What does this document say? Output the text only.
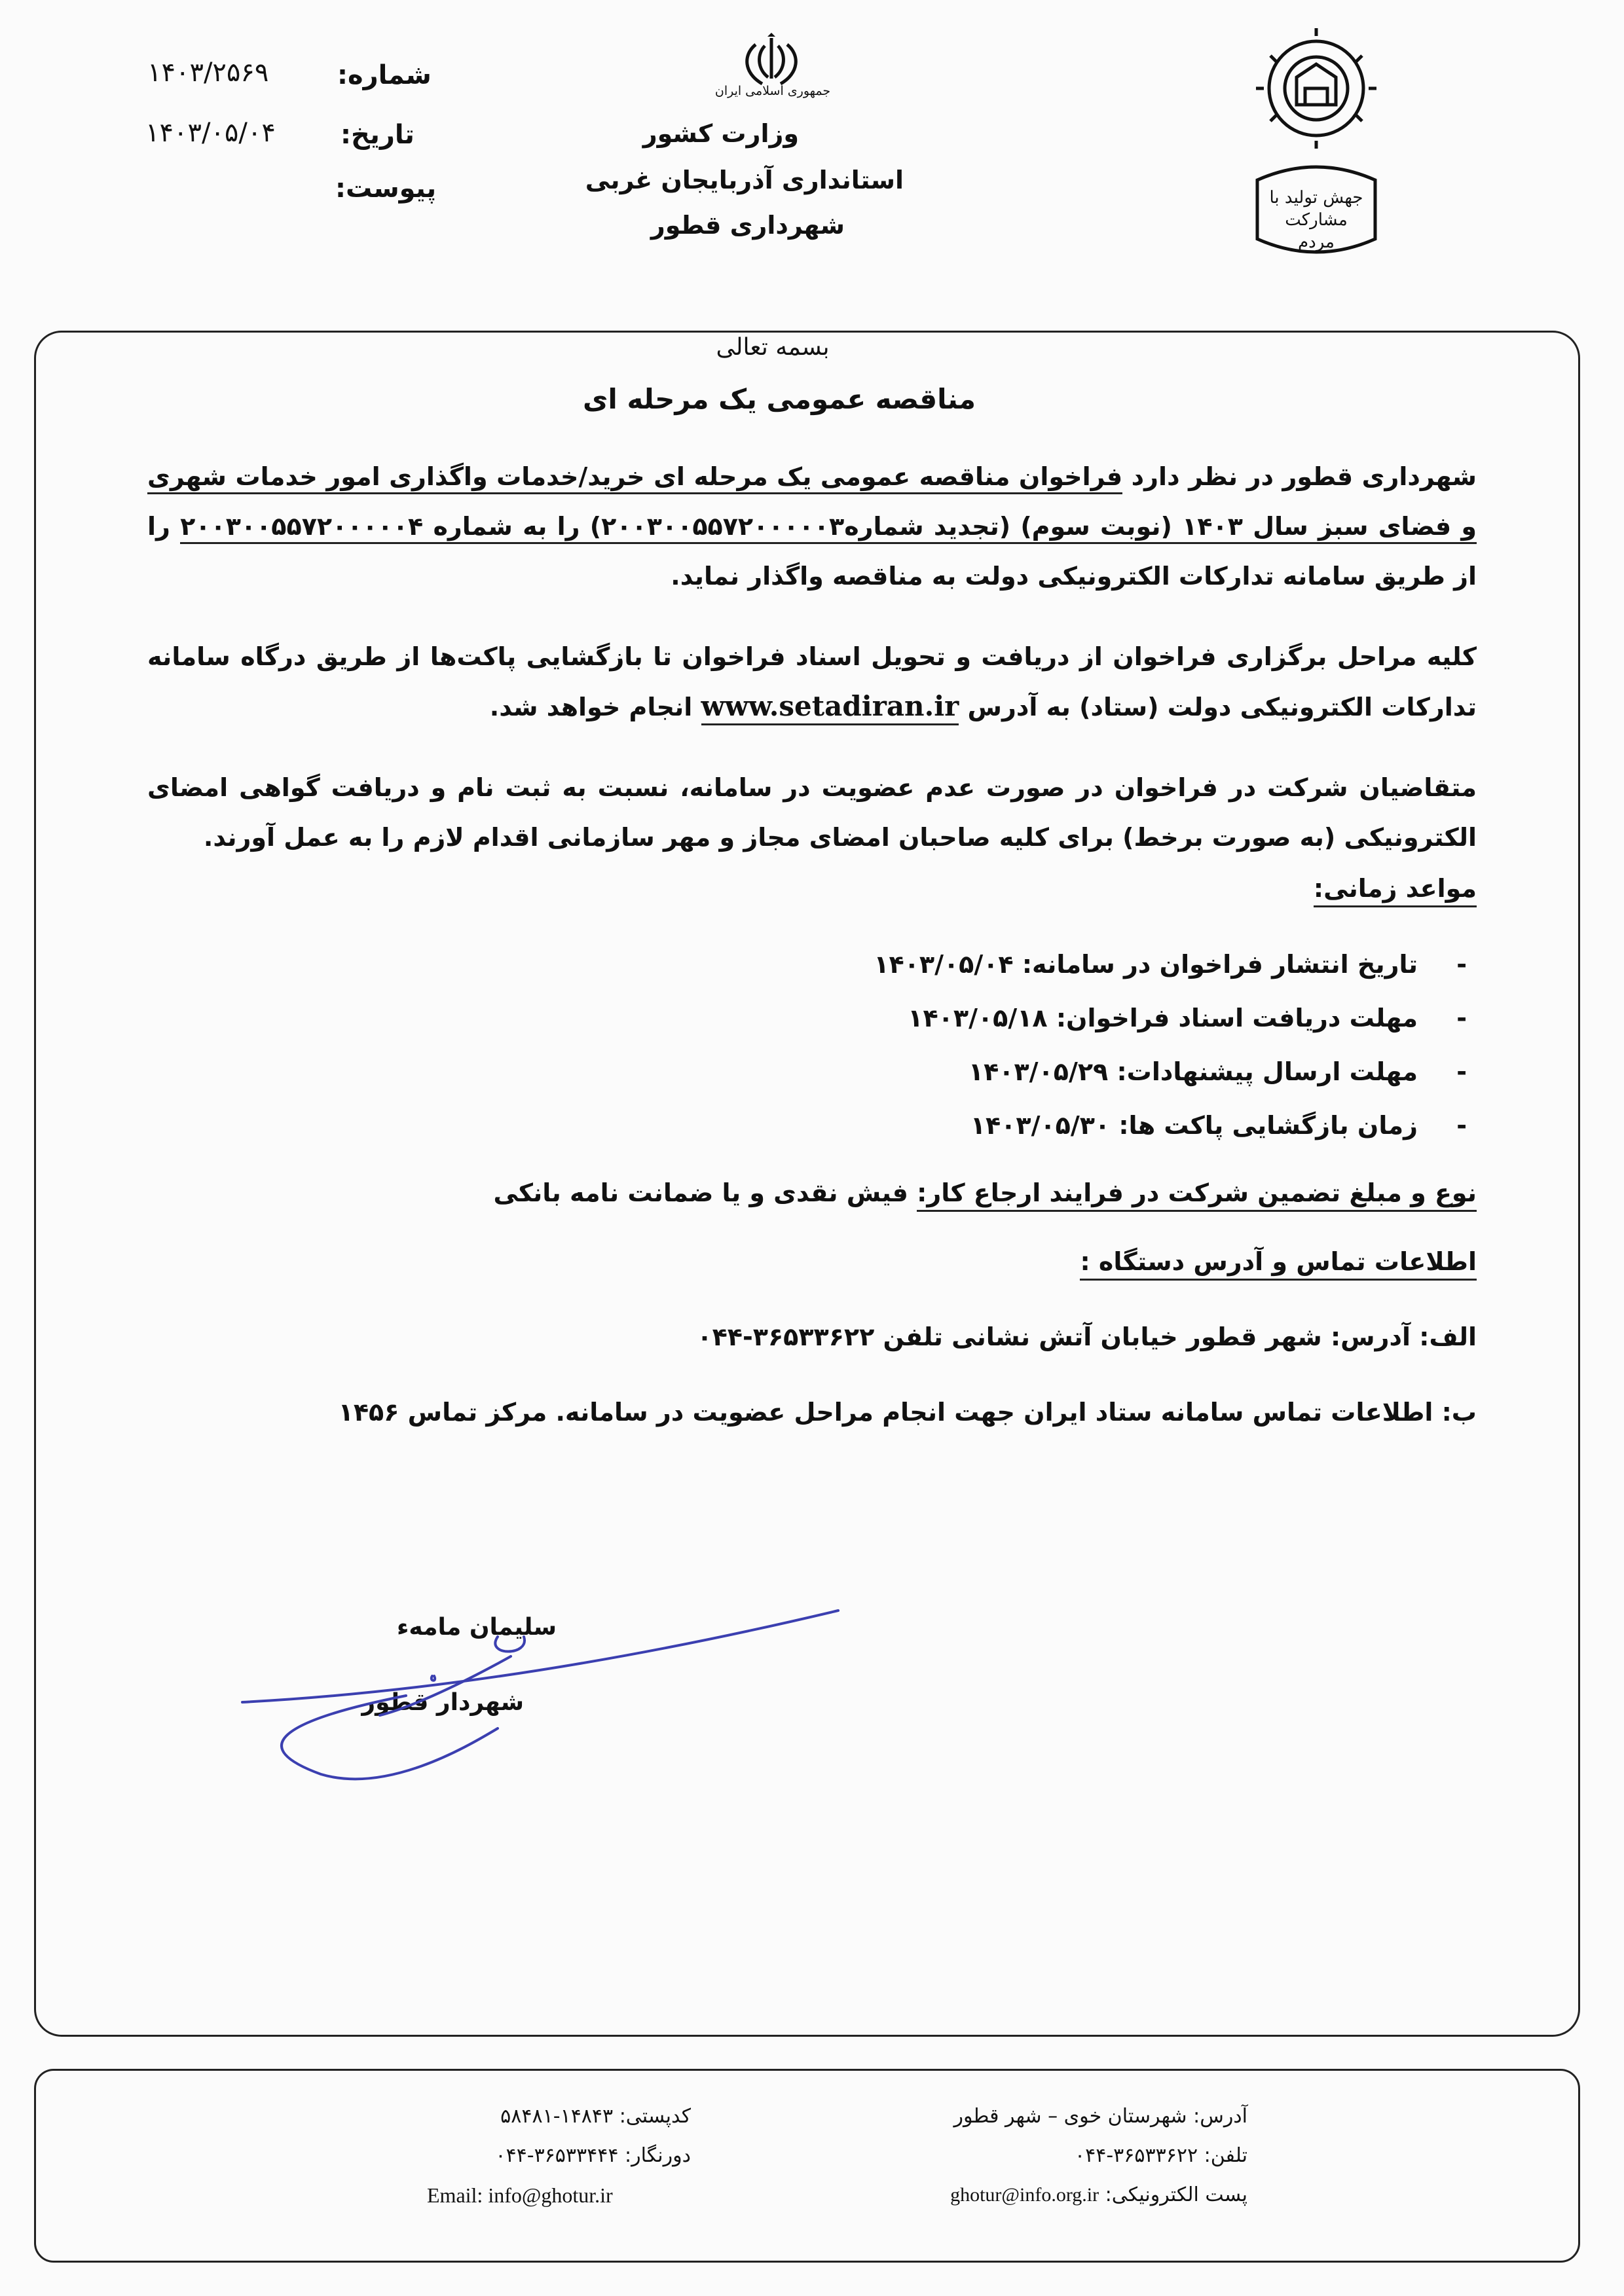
شماره:
۱۴۰۳/۲۵۶۹
تاریخ:
۱۴۰۳/۰۵/۰۴
پیوست:
جمهوری اسلامی ایران
وزارت کشور
استانداری آذربایجان غربی
شهرداری قطور
جهش تولید با مشارکت مردم
بسمه تعالی
مناقصه عمومی یک مرحله ای
شهرداری قطور در نظر دارد فراخوان مناقصه عمومی یک مرحله ای خرید/خدمات واگذاری امور خدمات شهری و فضای سبز سال ۱۴۰۳ (نوبت سوم) (تجدید شماره۲۰۰۳۰۰۵۵۷۲۰۰۰۰۰۳) را به شماره ۲۰۰۳۰۰۵۵۷۲۰۰۰۰۰۴ را از طریق سامانه تدارکات الکترونیکی دولت به مناقصه واگذار نماید.
کلیه مراحل برگزاری فراخوان از دریافت و تحویل اسناد فراخوان تا بازگشایی پاکت‌ها از طریق درگاه سامانه تدارکات الکترونیکی دولت (ستاد) به آدرس www.setadiran.ir انجام خواهد شد.
متقاضیان شرکت در فراخوان در صورت عدم عضویت در سامانه، نسبت به ثبت نام و دریافت گواهی امضای الکترونیکی (به صورت برخط) برای کلیه صاحبان امضای مجاز و مهر سازمانی اقدام لازم را به عمل آورند.
مواعد زمانی:
- تاریخ انتشار فراخوان در سامانه: ۱۴۰۳/۰۵/۰۴
- مهلت دریافت اسناد فراخوان: ۱۴۰۳/۰۵/۱۸
- مهلت ارسال پیشنهادات: ۱۴۰۳/۰۵/۲۹
- زمان بازگشایی پاکت ها: ۱۴۰۳/۰۵/۳۰
نوع و مبلغ تضمین شرکت در فرایند ارجاع کار: فیش نقدی و یا ضمانت نامه بانکی
اطلاعات تماس و آدرس دستگاه :
الف: آدرس: شهر قطور خیابان آتش نشانی تلفن ۳۶۵۳۳۶۲۲-۰۴۴
ب: اطلاعات تماس سامانه ستاد ایران جهت انجام مراحل عضویت در سامانه. مرکز تماس ۱۴۵۶
سلیمان مامه‌ء
شهردار قطور
آدرس: شهرستان خوی – شهر قطور
تلفن: ۳۶۵۳۳۶۲۲-۰۴۴
پست الکترونیکی: ghotur@info.org.ir
کدپستی: ۱۴۸۴۳-۵۸۴۸۱
دورنگار: ۳۶۵۳۳۴۴۴-۰۴۴
Email: info@ghotur.ir
